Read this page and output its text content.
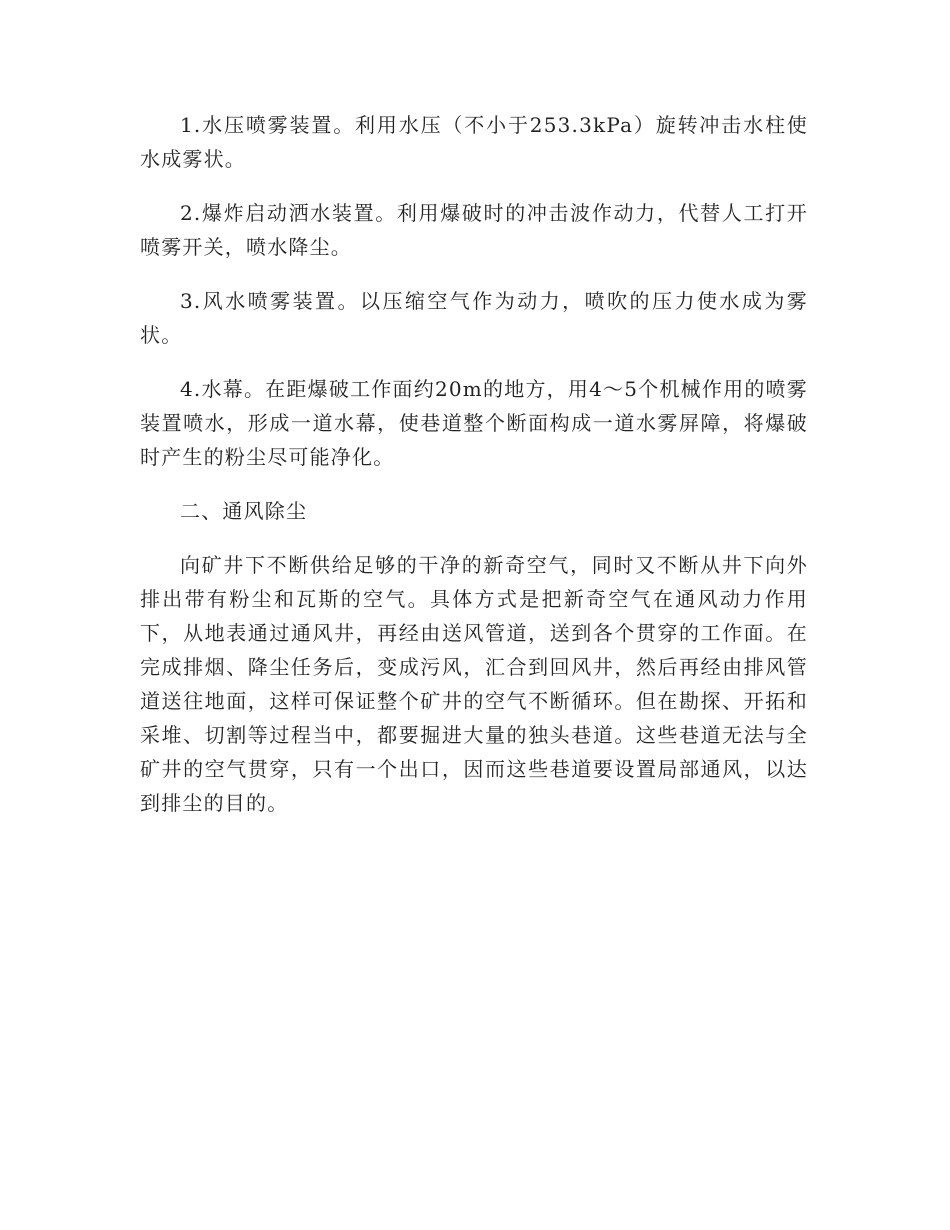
1.水压喷雾装置。利用水压（不小于253.3kPa）旋转冲击水柱使水成雾状。

2.爆炸启动洒水装置。利用爆破时的冲击波作动力，代替人工打开喷雾开关，喷水降尘。

3.风水喷雾装置。以压缩空气作为动力，喷吹的压力使水成为雾状。

4.水幕。在距爆破工作面约20m的地方，用4～5个机械作用的喷雾装置喷水，形成一道水幕，使巷道整个断面构成一道水雾屏障，将爆破时产生的粉尘尽可能净化。

二、通风除尘

向矿井下不断供给足够的干净的新奇空气，同时又不断从井下向外排出带有粉尘和瓦斯的空气。具体方式是把新奇空气在通风动力作用下，从地表通过通风井，再经由送风管道，送到各个贯穿的工作面。在完成排烟、降尘任务后，变成污风，汇合到回风井，然后再经由排风管道送往地面，这样可保证整个矿井的空气不断循环。但在勘探、开拓和采堆、切割等过程当中，都要掘进大量的独头巷道。这些巷道无法与全矿井的空气贯穿，只有一个出口，因而这些巷道要设置局部通风，以达到排尘的目的。
